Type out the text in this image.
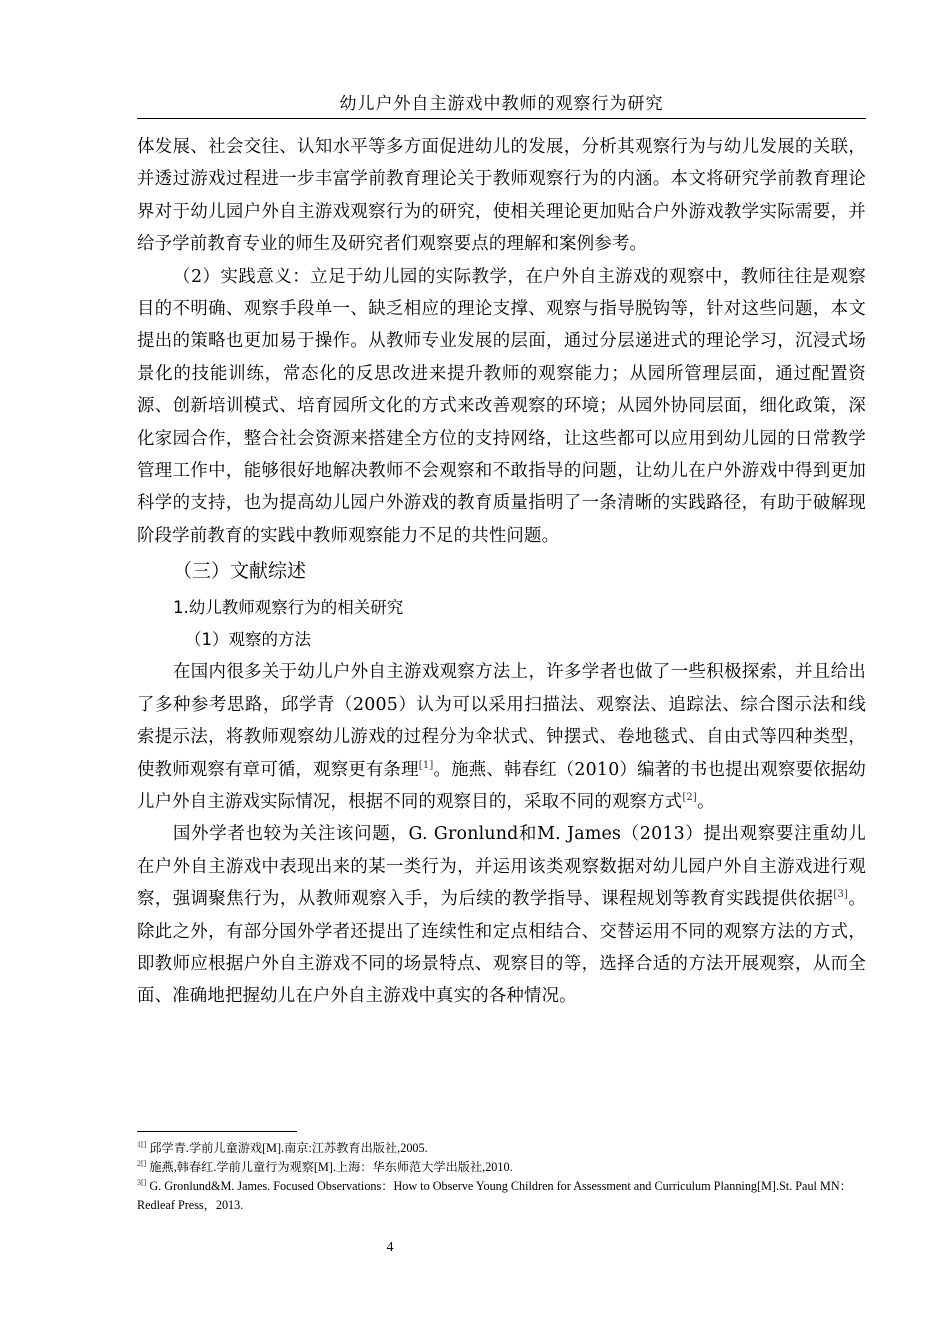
幼儿户外自主游戏中教师的观察行为研究

体发展、社会交往、认知水平等多方面促进幼儿的发展，分析其观察行为与幼儿发展的关联，并透过游戏过程进一步丰富学前教育理论关于教师观察行为的内涵。本文将研究学前教育理论界对于幼儿园户外自主游戏观察行为的研究，使相关理论更加贴合户外游戏教学实际需要，并给予学前教育专业的师生及研究者们观察要点的理解和案例参考。

（2）实践意义：立足于幼儿园的实际教学，在户外自主游戏的观察中，教师往往是观察目的不明确、观察手段单一、缺乏相应的理论支撑、观察与指导脱钩等，针对这些问题，本文提出的策略也更加易于操作。从教师专业发展的层面，通过分层递进式的理论学习，沉浸式场景化的技能训练，常态化的反思改进来提升教师的观察能力；从园所管理层面，通过配置资源、创新培训模式、培育园所文化的方式来改善观察的环境；从园外协同层面，细化政策，深化家园合作，整合社会资源来搭建全方位的支持网络，让这些都可以应用到幼儿园的日常教学管理工作中，能够很好地解决教师不会观察和不敢指导的问题，让幼儿在户外游戏中得到更加科学的支持，也为提高幼儿园户外游戏的教育质量指明了一条清晰的实践路径，有助于破解现阶段学前教育的实践中教师观察能力不足的共性问题。

（三）文献综述
1.幼儿教师观察行为的相关研究
（1）观察的方法

在国内很多关于幼儿户外自主游戏观察方法上，许多学者也做了一些积极探索，并且给出了多种参考思路，邱学青（2005）认为可以采用扫描法、观察法、追踪法、综合图示法和线索提示法，将教师观察幼儿游戏的过程分为伞状式、钟摆式、卷地毯式、自由式等四种类型，使教师观察有章可循，观察更有条理[1]。施燕、韩春红（2010）编著的书也提出观察要依据幼儿户外自主游戏实际情况，根据不同的观察目的，采取不同的观察方式[2]。

国外学者也较为关注该问题，G. Gronlund和M. James（2013）提出观察要注重幼儿在户外自主游戏中表现出来的某一类行为，并运用该类观察数据对幼儿园户外自主游戏进行观察，强调聚焦行为，从教师观察入手，为后续的教学指导、课程规划等教育实践提供依据[3]。除此之外，有部分国外学者还提出了连续性和定点相结合、交替运用不同的观察方法的方式，即教师应根据户外自主游戏不同的场景特点、观察目的等，选择合适的方法开展观察，从而全面、准确地把握幼儿在户外自主游戏中真实的各种情况。

$^{1[]}$ 邱学青.学前儿童游戏[M].南京:江苏教育出版社,2005.

$^{2[]}$ 施燕,韩春红.学前儿童行为观察[M].上海：华东师范大学出版社,2010.

$^{3[]}$ G. Gronlund&M. James. Focused Observations：How to Observe Young Children for Assessment and Curriculum Planning[M].St. Paul MN：Redleaf Press，2013.

4
